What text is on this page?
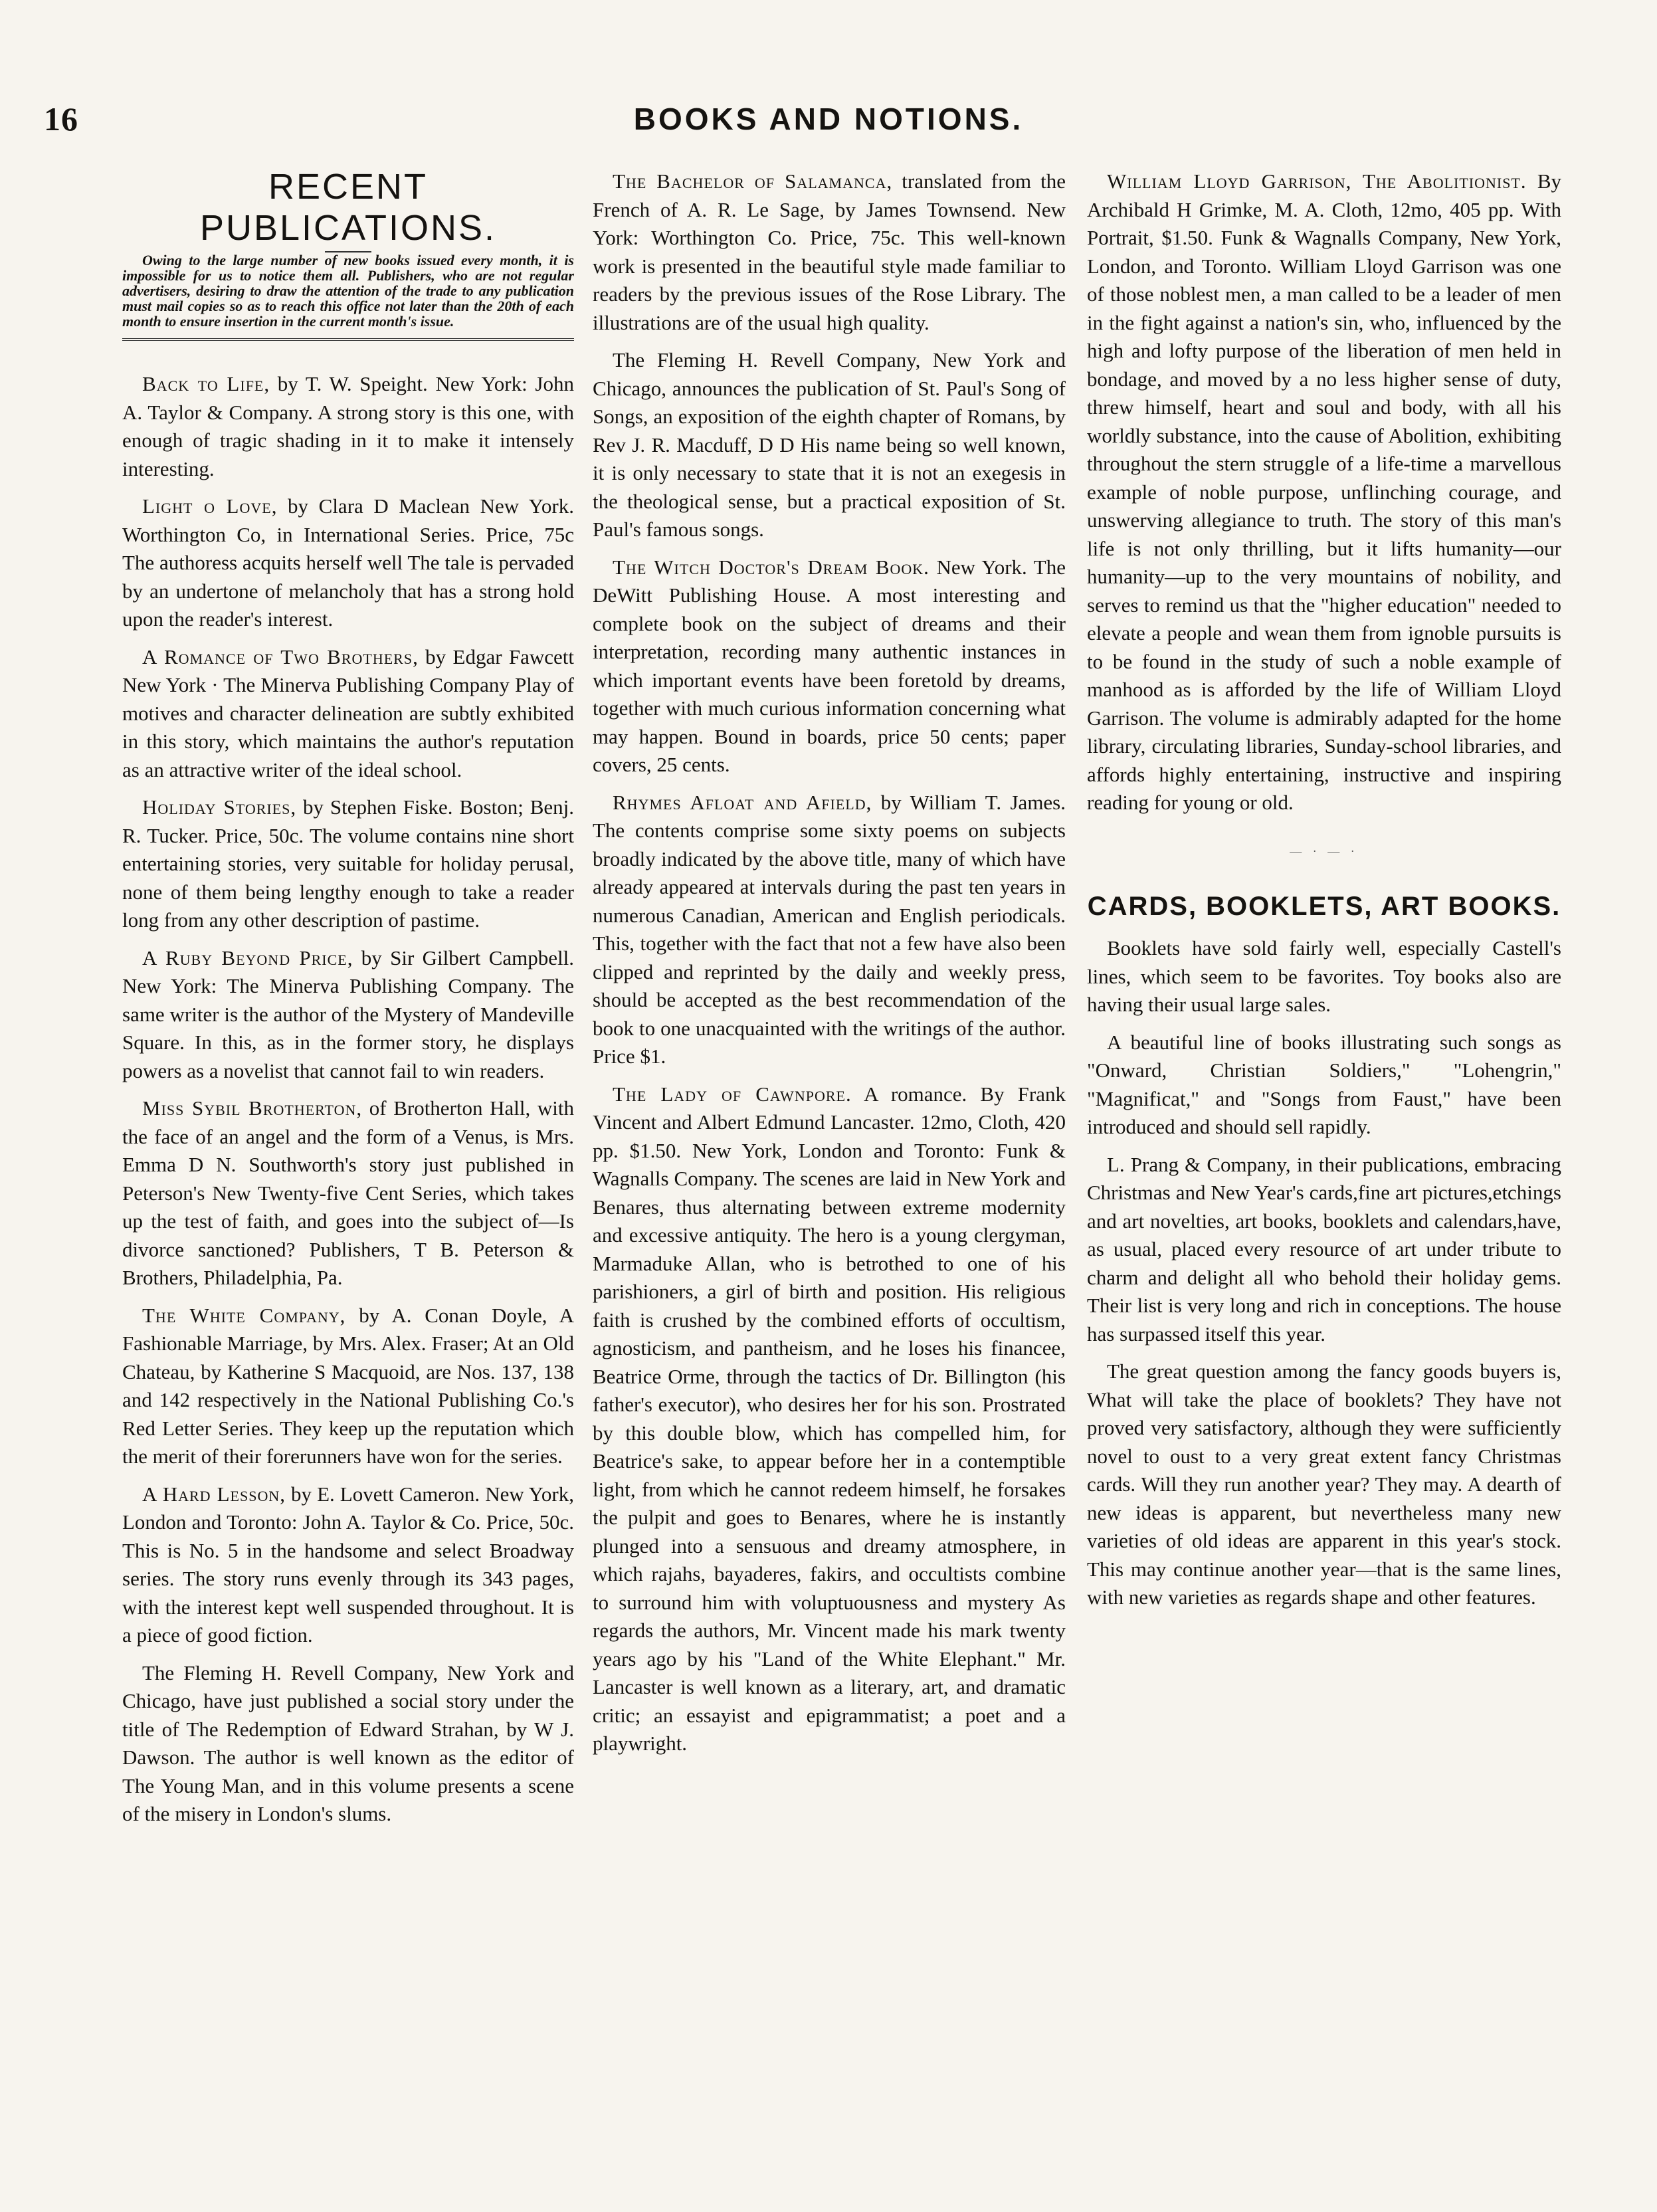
16	BOOKS AND NOTIONS.
RECENT
PUBLICATIONS.

Owing to the large number of new books issued every month, it is impossible for us to notice them all. Publishers, who are not regular advertisers, desiring to draw the attention of the trade to any publication must mail copies so as to reach this office not later than the 20th of each month to ensure insertion in the current month's issue.

Back to Life, by T. W. Speight. New York: John A. Taylor & Company. A strong story is this one, with enough of tragic shading in it to make it intensely interesting.

Light o Love, by Clara D Maclean New York. Worthington Co, in International Series. Price, 75c The authoress acquits herself well The tale is pervaded by an undertone of melancholy that has a strong hold upon the reader's interest.

A Romance of Two Brothers, by Edgar Fawcett New York · The Minerva Publishing Company Play of motives and character delineation are subtly exhibited in this story, which maintains the author's reputation as an attractive writer of the ideal school.

Holiday Stories, by Stephen Fiske. Boston; Benj. R. Tucker. Price, 50c. The volume contains nine short entertaining stories, very suitable for holiday perusal, none of them being lengthy enough to take a reader long from any other description of pastime.

A Ruby Beyond Price, by Sir Gilbert Campbell. New York: The Minerva Publishing Company. The same writer is the author of the Mystery of Mandeville Square. In this, as in the former story, he displays powers as a novelist that cannot fail to win readers.

Miss Sybil Brotherton, of Brotherton Hall, with the face of an angel and the form of a Venus, is Mrs. Emma D N. Southworth's story just published in Peterson's New Twenty-five Cent Series, which takes up the test of faith, and goes into the subject of—Is divorce sanctioned? Publishers, T B. Peterson & Brothers, Philadelphia, Pa.

The White Company, by A. Conan Doyle, A Fashionable Marriage, by Mrs. Alex. Fraser; At an Old Chateau, by Katherine S Macquoid, are Nos. 137, 138 and 142 respectively in the National Publishing Co.'s Red Letter Series. They keep up the reputation which the merit of their forerunners have won for the series.

A Hard Lesson, by E. Lovett Cameron. New York, London and Toronto: John A. Taylor & Co. Price, 50c. This is No. 5 in the handsome and select Broadway series. The story runs evenly through its 343 pages, with the interest kept well suspended throughout. It is a piece of good fiction.

The Fleming H. Revell Company, New York and Chicago, have just published a social story under the title of The Redemption of Edward Strahan, by W J. Dawson. The author is well known as the editor of The Young Man, and in this volume presents a scene of the misery in London's slums.

The Bachelor of Salamanca, translated from the French of A. R. Le Sage, by James Townsend. New York: Worthington Co. Price, 75c. This well-known work is presented in the beautiful style made familiar to readers by the previous issues of the Rose Library. The illustrations are of the usual high quality.

The Fleming H. Revell Company, New York and Chicago, announces the publication of St. Paul's Song of Songs, an exposition of the eighth chapter of Romans, by Rev J. R. Macduff, D D His name being so well known, it is only necessary to state that it is not an exegesis in the theological sense, but a practical exposition of St. Paul's famous songs.

The Witch Doctor's Dream Book. New York. The DeWitt Publishing House. A most interesting and complete book on the subject of dreams and their interpretation, recording many authentic instances in which important events have been foretold by dreams, together with much curious information concerning what may happen. Bound in boards, price 50 cents; paper covers, 25 cents.

Rhymes Afloat and Afield, by William T. James. The contents comprise some sixty poems on subjects broadly indicated by the above title, many of which have already appeared at intervals during the past ten years in numerous Canadian, American and English periodicals. This, together with the fact that not a few have also been clipped and reprinted by the daily and weekly press, should be accepted as the best recommendation of the book to one unacquainted with the writings of the author. Price $1.

The Lady of Cawnpore. A romance. By Frank Vincent and Albert Edmund Lancaster. 12mo, Cloth, 420 pp. $1.50. New York, London and Toronto: Funk & Wagnalls Company. The scenes are laid in New York and Benares, thus alternating between extreme modernity and excessive antiquity. The hero is a young clergyman, Marmaduke Allan, who is betrothed to one of his parishioners, a girl of birth and position. His religious faith is crushed by the combined efforts of occultism, agnosticism, and pantheism, and he loses his financee, Beatrice Orme, through the tactics of Dr. Billington (his father's executor), who desires her for his son. Prostrated by this double blow, which has compelled him, for Beatrice's sake, to appear before her in a contemptible light, from which he cannot redeem himself, he forsakes the pulpit and goes to Benares, where he is instantly plunged into a sensuous and dreamy atmosphere, in which rajahs, bayaderes, fakirs, and occultists combine to surround him with voluptuousness and mystery As regards the authors, Mr. Vincent made his mark twenty years ago by his "Land of the White Elephant." Mr. Lancaster is well known as a literary, art, and dramatic critic; an essayist and epigrammatist; a poet and a playwright.

William Lloyd Garrison, The Abolitionist. By Archibald H Grimke, M. A. Cloth, 12mo, 405 pp. With Portrait, $1.50. Funk & Wagnalls Company, New York, London, and Toronto. William Lloyd Garrison was one of those noblest men, a man called to be a leader of men in the fight against a nation's sin, who, influenced by the high and lofty purpose of the liberation of men held in bondage, and moved by a no less higher sense of duty, threw himself, heart and soul and body, with all his worldly substance, into the cause of Abolition, exhibiting throughout the stern struggle of a life-time a marvellous example of noble purpose, unflinching courage, and unswerving allegiance to truth. The story of this man's life is not only thrilling, but it lifts humanity—our humanity—up to the very mountains of nobility, and serves to remind us that the "higher education" needed to elevate a people and wean them from ignoble pursuits is to be found in the study of such a noble example of manhood as is afforded by the life of William Lloyd Garrison. The volume is admirably adapted for the home library, circulating libraries, Sunday-school libraries, and affords highly entertaining, instructive and inspiring reading for young or old.

— · — ·
CARDS, BOOKLETS, ART BOOKS.

Booklets have sold fairly well, especially Castell's lines, which seem to be favorites. Toy books also are having their usual large sales.

A beautiful line of books illustrating such songs as "Onward, Christian Soldiers," "Lohengrin," "Magnificat," and "Songs from Faust," have been introduced and should sell rapidly.

L. Prang & Company, in their publications, embracing Christmas and New Year's cards,fine art pictures,etchings and art novelties, art books, booklets and calendars,have, as usual, placed every resource of art under tribute to charm and delight all who behold their holiday gems. Their list is very long and rich in conceptions. The house has surpassed itself this year.

The great question among the fancy goods buyers is, What will take the place of booklets? They have not proved very satisfactory, although they were sufficiently novel to oust to a very great extent fancy Christmas cards. Will they run another year? They may. A dearth of new ideas is apparent, but nevertheless many new varieties of old ideas are apparent in this year's stock. This may continue another year—that is the same lines, with new varieties as regards shape and other features.
